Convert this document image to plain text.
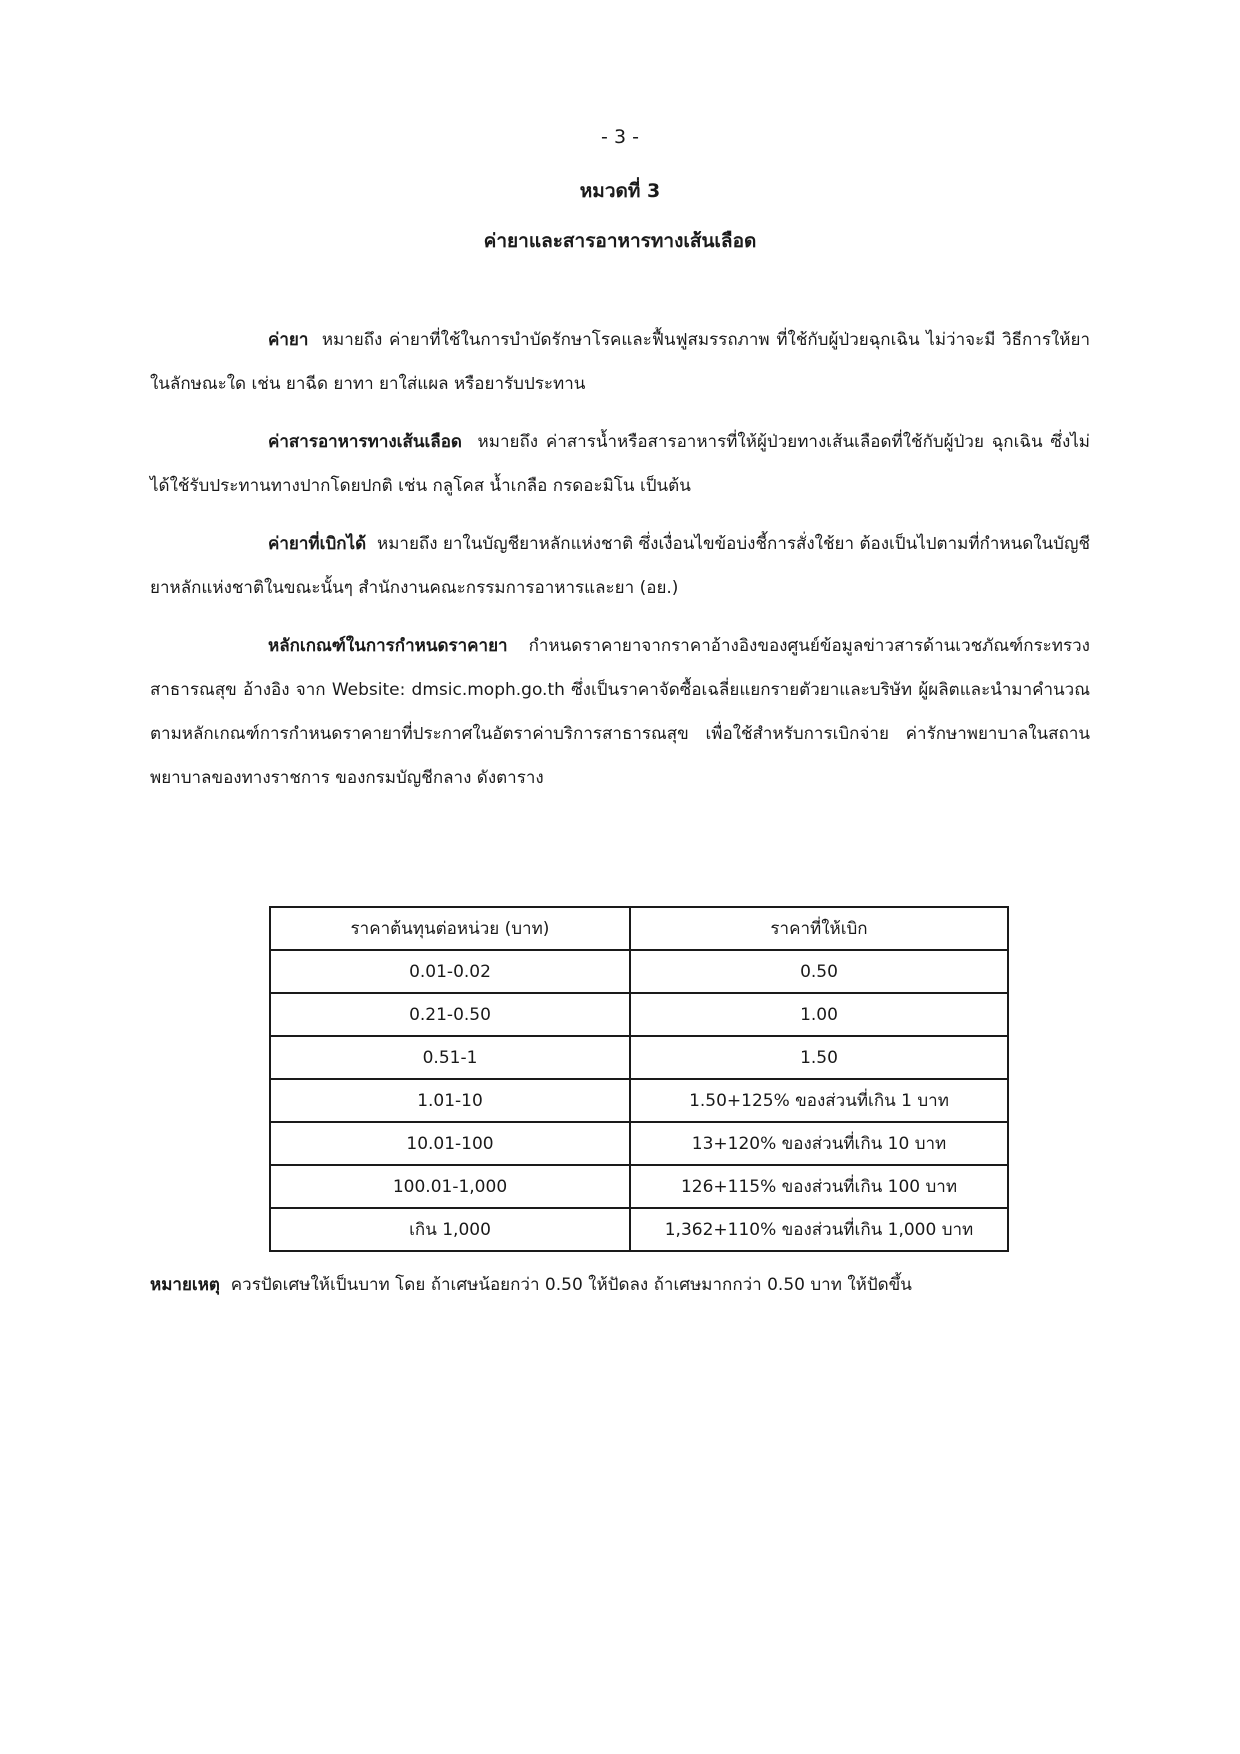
- 3 -
หมวดที่ 3
ค่ายาและสารอาหารทางเส้นเลือด

ค่ายา หมายถึง ค่ายาที่ใช้ในการบำบัดรักษาโรคและฟื้นฟูสมรรถภาพ ที่ใช้กับผู้ป่วยฉุกเฉิน ไม่ว่าจะมี วิธีการให้ยาในลักษณะใด เช่น ยาฉีด ยาทา ยาใส่แผล หรือยารับประทาน

ค่าสารอาหารทางเส้นเลือด หมายถึง ค่าสารน้ำหรือสารอาหารที่ให้ผู้ป่วยทางเส้นเลือดที่ใช้กับผู้ป่วย ฉุกเฉิน ซึ่งไม่ได้ใช้รับประทานทางปากโดยปกติ เช่น กลูโคส น้ำเกลือ กรดอะมิโน เป็นต้น

ค่ายาที่เบิกได้ หมายถึง ยาในบัญชียาหลักแห่งชาติ ซึ่งเงื่อนไขข้อบ่งชี้การสั่งใช้ยา ต้องเป็นไปตามที่กำหนดในบัญชียาหลักแห่งชาติในขณะนั้นๆ สำนักงานคณะกรรมการอาหารและยา (อย.)

หลักเกณฑ์ในการกำหนดราคายา กำหนดราคายาจากราคาอ้างอิงของศูนย์ข้อมูลข่าวสารด้านเวชภัณฑ์กระทรวงสาธารณสุข อ้างอิง จาก Website: dmsic.moph.go.th ซึ่งเป็นราคาจัดซื้อเฉลี่ยแยกรายตัวยาและบริษัท ผู้ผลิตและนำมาคำนวณตามหลักเกณฑ์การกำหนดราคายาที่ประกาศในอัตราค่าบริการสาธารณสุข เพื่อใช้สำหรับการเบิกจ่าย ค่ารักษาพยาบาลในสถานพยาบาลของทางราชการ ของกรมบัญชีกลาง ดังตาราง

ราคาต้นทุนต่อหน่วย (บาท)	ราคาที่ให้เบิก
0.01-0.02	0.50
0.21-0.50	1.00
0.51-1	1.50
1.01-10	1.50+125% ของส่วนที่เกิน 1 บาท
10.01-100	13+120% ของส่วนที่เกิน 10 บาท
100.01-1,000	126+115% ของส่วนที่เกิน 100 บาท
เกิน 1,000	1,362+110% ของส่วนที่เกิน 1,000 บาท
หมายเหตุ ควรปัดเศษให้เป็นบาท โดย ถ้าเศษน้อยกว่า 0.50 ให้ปัดลง ถ้าเศษมากกว่า 0.50 บาท ให้ปัดขึ้น
